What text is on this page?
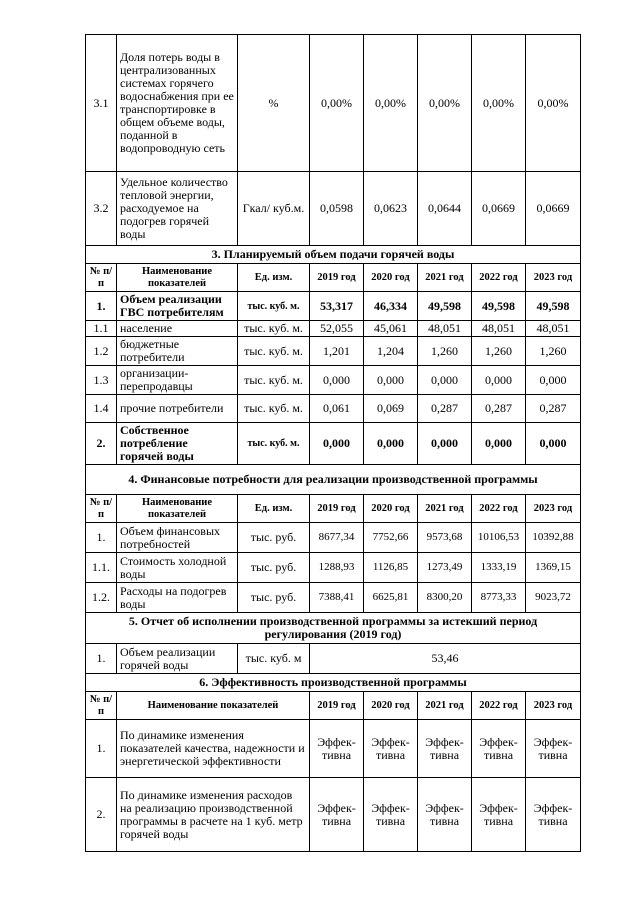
3.1	Доля потерь воды в централизованных системах горячего водоснабжения при ее транспортировке в общем объеме воды, поданной в водопроводную сеть	%	0,00%	0,00%	0,00%	0,00%	0,00%
3.2	Удельное количество тепловой энергии, расходуемое на подогрев горячей воды	Гкал/ куб.м.	0,0598	0,0623	0,0644	0,0669	0,0669
3. Планируемый объем подачи горячей воды							
№ п/п	Наименование показателей	Ед. изм.	2019 год	2020 год	2021 год	2022 год	2023 год
1.	Объем реализации ГВС потребителям	тыс. куб. м.	53,317	46,334	49,598	49,598	49,598
1.1	население	тыс. куб. м.	52,055	45,061	48,051	48,051	48,051
1.2	бюджетные потребители	тыс. куб. м.	1,201	1,204	1,260	1,260	1,260
1.3	организации-перепродавцы	тыс. куб. м.	0,000	0,000	0,000	0,000	0,000
1.4	прочие потребители	тыс. куб. м.	0,061	0,069	0,287	0,287	0,287
2.	Собственное потребление горячей воды	тыс. куб. м.	0,000	0,000	0,000	0,000	0,000
4. Финансовые потребности для реализации производственной программы							
№ п/п	Наименование показателей	Ед. изм.	2019 год	2020 год	2021 год	2022 год	2023 год
1.	Объем финансовых потребностей	тыс. руб.	8677,34	7752,66	9573,68	10106,53	10392,88
1.1.	Стоимость холодной воды	тыс. руб.	1288,93	1126,85	1273,49	1333,19	1369,15
1.2.	Расходы на подогрев воды	тыс. руб.	7388,41	6625,81	8300,20	8773,33	9023,72
5. Отчет об исполнении производственной программы за истекший период регулирования (2019 год)							
1.	Объем реализации горячей воды	тыс. куб. м	53,46				
6. Эффективность производственной программы							
№ п/п	Наименование показателей		2019 год	2020 год	2021 год	2022 год	2023 год
1.	По динамике изменения показателей качества, надежности и энергетической эффективности		Эффек-тивна	Эффек-тивна	Эффек-тивна	Эффек-тивна	Эффек-тивна
2.	По динамике изменения расходов на реализацию производственной программы в расчете на 1 куб. метр горячей воды		Эффек-тивна	Эффек-тивна	Эффек-тивна	Эффек-тивна	Эффек-тивна
